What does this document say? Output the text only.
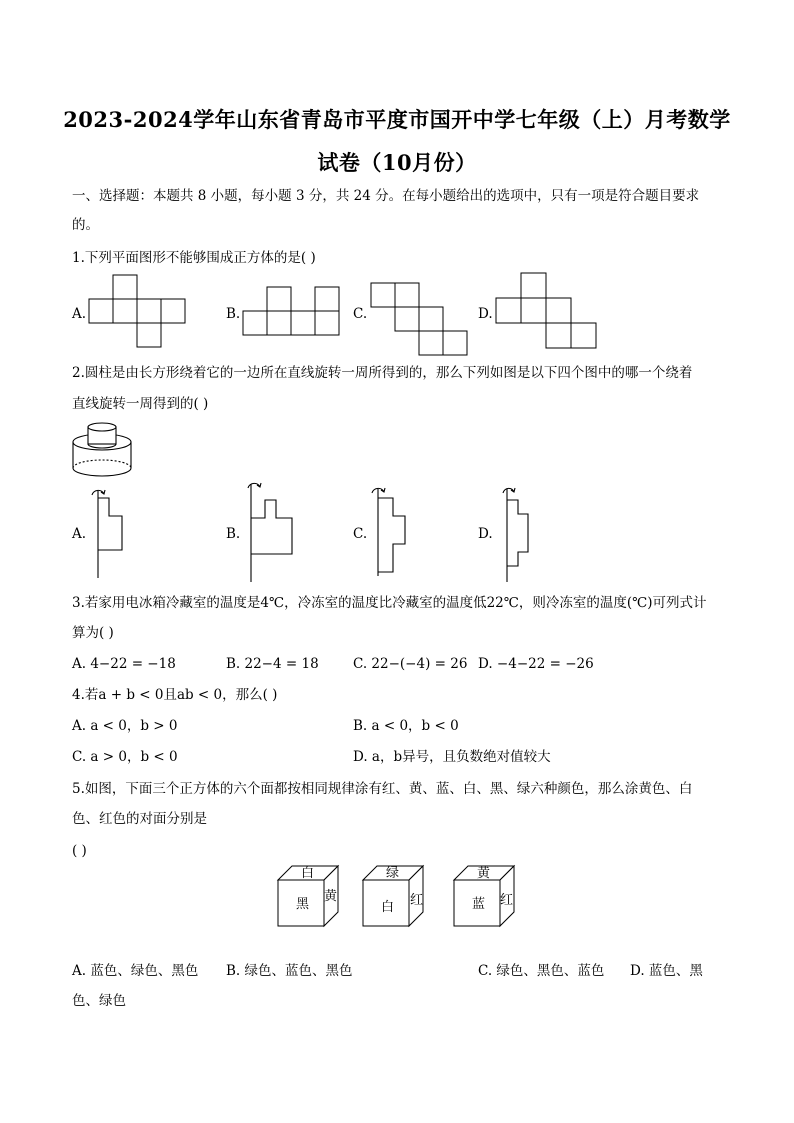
2023-2024学年山东省青岛市平度市国开中学七年级（上）月考数学
试卷（10月份）
一、选择题：本题共 8 小题，每小题 3 分，共 24 分。在每小题给出的选项中，只有一项是符合题目要求
的。
1.下列平面图形不能够围成正方体的是( )
A.	B.	C.	D.
2.圆柱是由长方形绕着它的一边所在直线旋转一周所得到的，那么下列如图是以下四个图中的哪一个绕着
直线旋转一周得到的( )
A.	B.	C.	D.
3.若家用电冰箱冷藏室的温度是4℃，冷冻室的温度比冷藏室的温度低22℃，则冷冻室的温度(℃)可列式计
算为( )
A. 4−22 = −18	B. 22−4 = 18	C. 22−(−4) = 26 D. −4−22 = −26
4.若a + b < 0且ab < 0，那么( )
A. a < 0，b > 0	B. a < 0，b < 0
C. a > 0，b < 0	D. a，b异号，且负数绝对值较大
5.如图，下面三个正方体的六个面都按相同规律涂有红、黄、蓝、白、黑、绿六种颜色，那么涂黄色、白
色、红色的对面分别是
( )
白
黑
黄
绿
白 红
黄
蓝 红
A. 蓝色、绿色、黑色 B. 绿色、蓝色、黑色	C. 绿色、黑色、蓝色 D. 蓝色、黑
色、绿色
